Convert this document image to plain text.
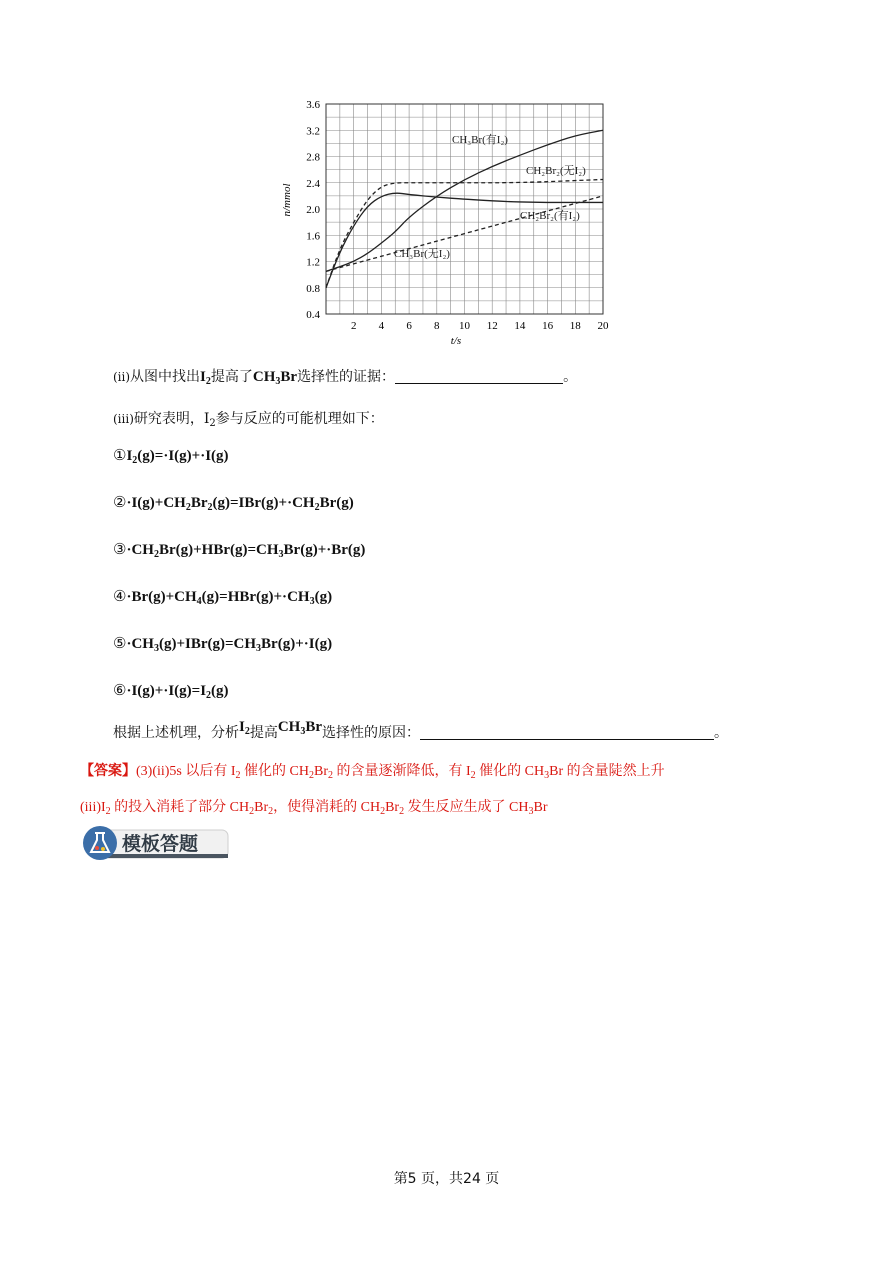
2 4 6 8 10 12 14 16 18 20
0.4
0.8
1.2
1.6
2.0
2.4
2.8
3.2
3.6
CH₃Br(有I₂)
CH₂Br₂(无I₂)
CH₂Br₂(有I₂)
CH₃Br(无I₂)
t/s
n/mmol
(ii)从图中找出$I_2$提高了$CH_3Br$选择性的证据：	。
(iii)研究表明，$I_2$参与反应的可能机理如下：
$①I_2(g)=\cdot I(g)+\cdot I(g)$
$②\cdot I(g)+CH_2Br_2(g)=IBr(g)+\cdot CH_2Br(g)$
$③\cdot CH_2Br(g)+HBr(g)=CH_3Br(g)+\cdot Br(g)$
$④\cdot Br(g)+CH_4(g)=HBr(g)+\cdot CH_3(g)$
$⑤\cdot CH_3(g)+IBr(g)=CH_3Br(g)+\cdot I(g)$
$⑥\cdot I(g)+\cdot I(g)=I_2(g)$
根据上述机理，分析$I_2$提高$CH_3Br$选择性的原因：	。
【答案】(3)(ii)5s 以后有 $I_2$ 催化的 $CH_2Br_2$ 的含量逐渐降低，有 $I_2$ 催化的 $CH_3Br$ 的含量陡然上升
$(iii)I_2$ 的投入消耗了部分 $CH_2Br_2$，使得消耗的 $CH_2Br_2$ 发生反应生成了 $CH_3Br$
模板答题
第5 页，共24 页
